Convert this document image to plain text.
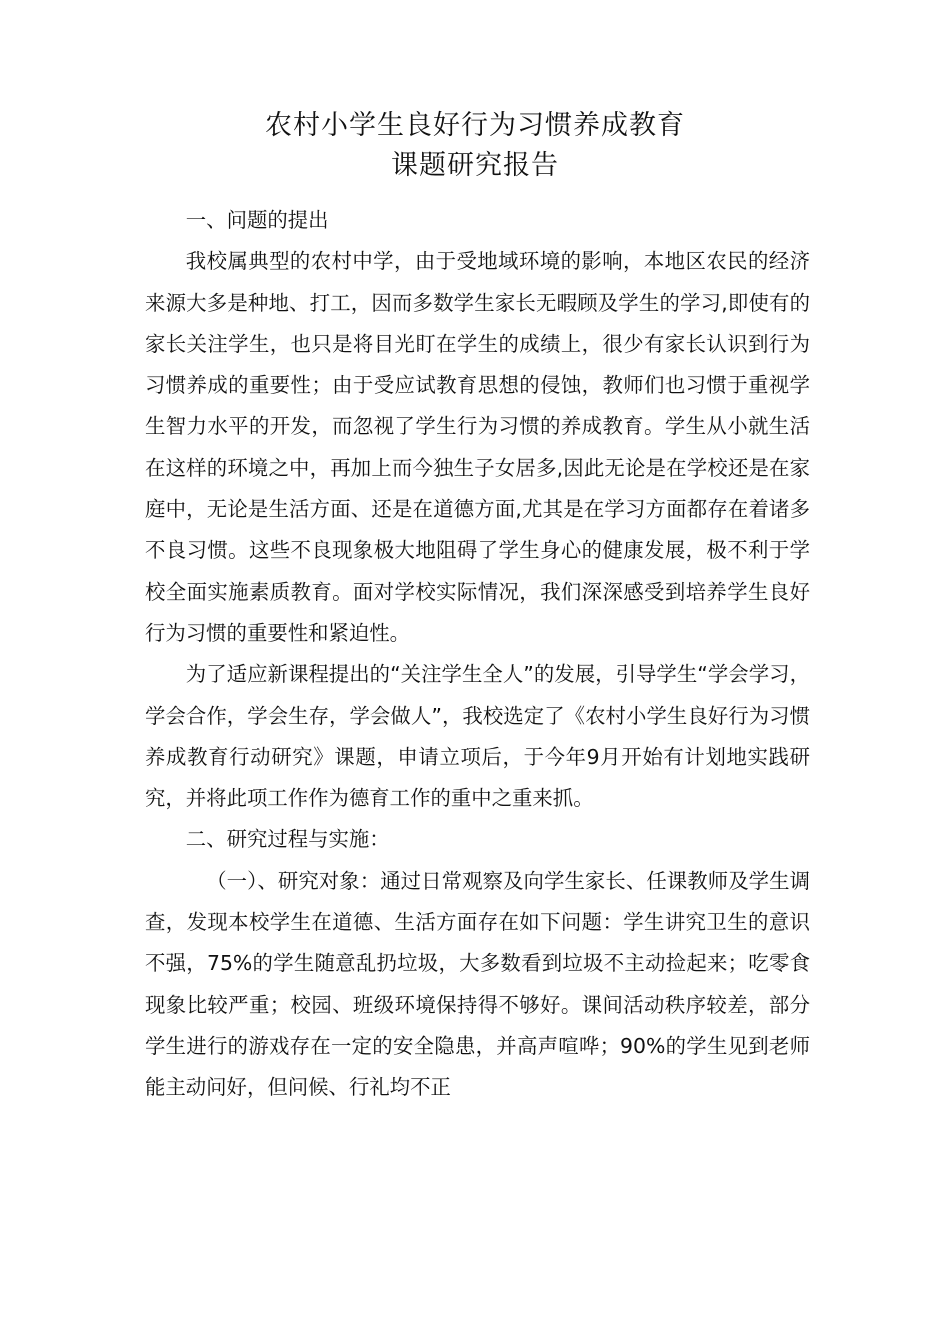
农村小学生良好行为习惯养成教育
课题研究报告

一、问题的提出

我校属典型的农村中学，由于受地域环境的影响，本地区农民的经济来源大多是种地、打工，因而多数学生家长无暇顾及学生的学习,即使有的家长关注学生，也只是将目光盯在学生的成绩上，很少有家长认识到行为习惯养成的重要性；由于受应试教育思想的侵蚀，教师们也习惯于重视学生智力水平的开发，而忽视了学生行为习惯的养成教育。学生从小就生活在这样的环境之中，再加上而今独生子女居多,因此无论是在学校还是在家庭中，无论是生活方面、还是在道德方面,尤其是在学习方面都存在着诸多不良习惯。这些不良现象极大地阻碍了学生身心的健康发展，极不利于学校全面实施素质教育。面对学校实际情况，我们深深感受到培养学生良好行为习惯的重要性和紧迫性。

为了适应新课程提出的“关注学生全人”的发展，引导学生“学会学习，学会合作，学会生存，学会做人”，我校选定了《农村小学生良好行为习惯养成教育行动研究》课题，申请立项后，于今年9月开始有计划地实践研究，并将此项工作作为德育工作的重中之重来抓。

二、研究过程与实施：

（一）、研究对象：通过日常观察及向学生家长、任课教师及学生调查，发现本校学生在道德、生活方面存在如下问题：学生讲究卫生的意识不强，75%的学生随意乱扔垃圾，大多数看到垃圾不主动捡起来；吃零食现象比较严重；校园、班级环境保持得不够好。课间活动秩序较差，部分学生进行的游戏存在一定的安全隐患，并高声喧哗；90%的学生见到老师能主动问好，但问候、行礼均不正
